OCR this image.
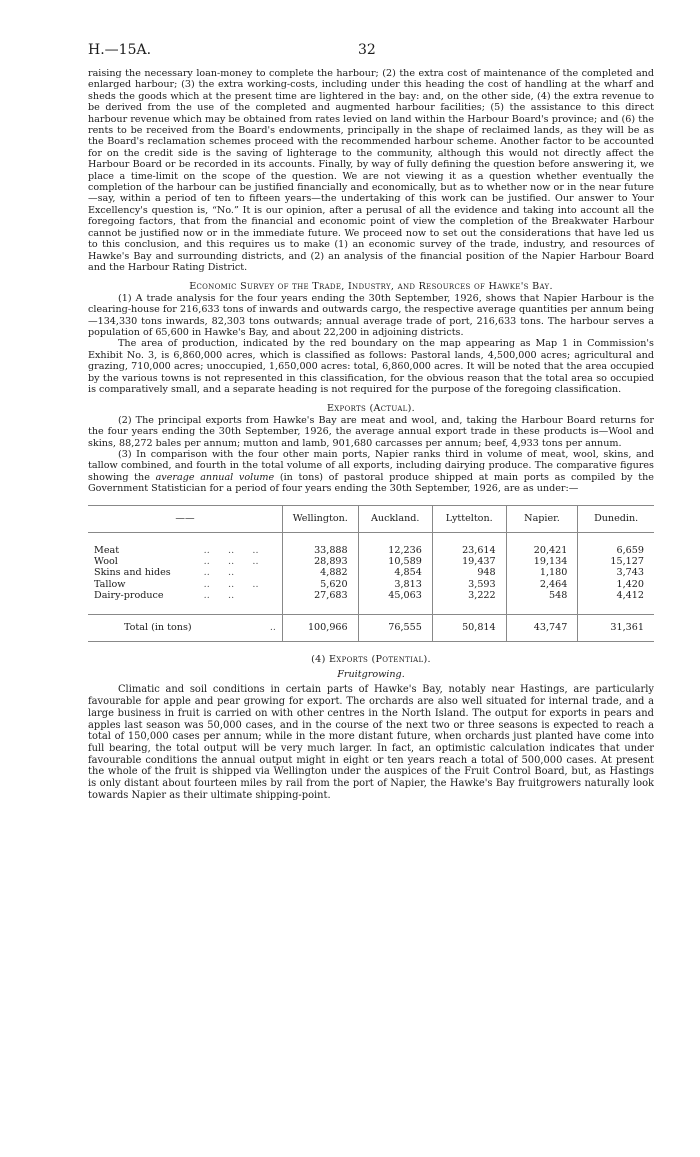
H.—15A.	32

raising the necessary loan-money to complete the harbour; (2) the extra cost of maintenance of the completed and enlarged harbour; (3) the extra working-costs, including under this heading the cost of handling at the wharf and sheds the goods which at the present time are lightered in the bay: and, on the other side, (4) the extra revenue to be derived from the use of the completed and augmented harbour facilities; (5) the assistance to this direct harbour revenue which may be obtained from rates levied on land within the Harbour Board's province; and (6) the rents to be received from the Board's endowments, principally in the shape of reclaimed lands, as they will be as the Board's reclamation schemes proceed with the recommended harbour scheme. Another factor to be accounted for on the credit side is the saving of lighterage to the community, although this would not directly affect the Harbour Board or be recorded in its accounts. Finally, by way of fully defining the question before answering it, we place a time-limit on the scope of the question. We are not viewing it as a question whether eventually the completion of the harbour can be justified financially and economically, but as to whether now or in the near future—say, within a period of ten to fifteen years—the undertaking of this work can be justified. Our answer to Your Excellency's question is, “No.” It is our opinion, after a perusal of all the evidence and taking into account all the foregoing factors, that from the financial and economic point of view the completion of the Breakwater Harbour cannot be justified now or in the immediate future. We proceed now to set out the considerations that have led us to this conclusion, and this requires us to make (1) an economic survey of the trade, industry, and resources of Hawke's Bay and surrounding districts, and (2) an analysis of the financial position of the Napier Harbour Board and the Harbour Rating District.

Economic Survey of the Trade, Industry, and Resources of Hawke's Bay.

(1) A trade analysis for the four years ending the 30th September, 1926, shows that Napier Harbour is the clearing-house for 216,633 tons of inwards and outwards cargo, the respective average quantities per annum being—134,330 tons inwards, 82,303 tons outwards; annual average trade of port, 216,633 tons. The harbour serves a population of 65,600 in Hawke's Bay, and about 22,200 in adjoining districts.

The area of production, indicated by the red boundary on the map appearing as Map 1 in Commission's Exhibit No. 3, is 6,860,000 acres, which is classified as follows: Pastoral lands, 4,500,000 acres; agricultural and grazing, 710,000 acres; unoccupied, 1,650,000 acres: total, 6,860,000 acres. It will be noted that the area occupied by the various towns is not represented in this classification, for the obvious reason that the total area so occupied is comparatively small, and a separate heading is not required for the purpose of the foregoing classification.

Exports (Actual).

(2) The principal exports from Hawke's Bay are meat and wool, and, taking the Harbour Board returns for the four years ending the 30th September, 1926, the average annual export trade in these products is—Wool and skins, 88,272 bales per annum; mutton and lamb, 901,680 carcasses per annum; beef, 4,933 tons per annum.

(3) In comparison with the four other main ports, Napier ranks third in volume of meat, wool, skins, and tallow combined, and fourth in the total volume of all exports, including dairying produce. The comparative figures showing the average annual volume (in tons) of pastoral produce shipped at main ports as compiled by the Government Statistician for a period of four years ending the 30th September, 1926, are as under:—

——		Wellington.	Auckland.	Lyttelton.	Napier.	Dunedin.

Meat	..      ..      ..	33,888	12,236	23,614	20,421	6,659
Wool	..      ..      ..	28,893	10,589	19,437	19,134	15,127
Skins and hides	..      ..	4,882	4,854	948	1,180	3,743
Tallow	..      ..      ..	5,620	3,813	3,593	2,464	1,420
Dairy-produce	..      ..	27,683	45,063	3,222	548	4,412

Total (in tons)	..	100,966	76,555	50,814	43,747	31,361
(4) Exports (Potential).
Fruitgrowing.

Climatic and soil conditions in certain parts of Hawke's Bay, notably near Hastings, are particularly favourable for apple and pear growing for export. The orchards are also well situated for internal trade, and a large business in fruit is carried on with other centres in the North Island. The output for exports in pears and apples last season was 50,000 cases, and in the course of the next two or three seasons is expected to reach a total of 150,000 cases per annum; while in the more distant future, when orchards just planted have come into full bearing, the total output will be very much larger. In fact, an optimistic calculation indicates that under favourable conditions the annual output might in eight or ten years reach a total of 500,000 cases. At present the whole of the fruit is shipped via Wellington under the auspices of the Fruit Control Board, but, as Hastings is only distant about fourteen miles by rail from the port of Napier, the Hawke's Bay fruitgrowers naturally look towards Napier as their ultimate shipping-point.
